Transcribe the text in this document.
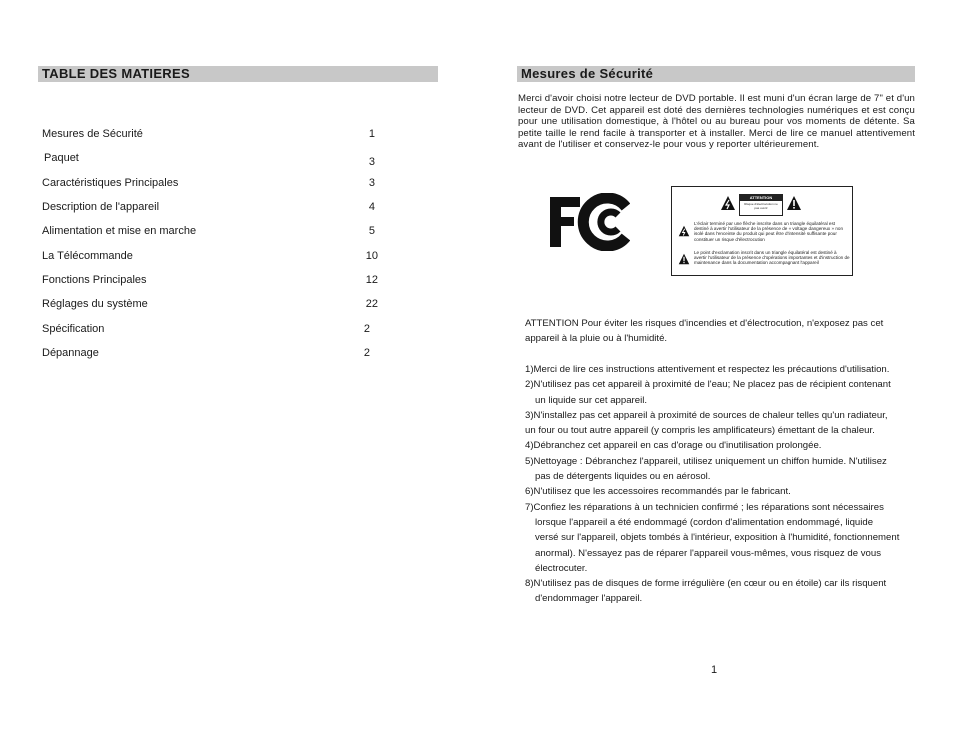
TABLE DES MATIERES
Mesures de Sécurité	1
Paquet	3
Caractéristiques Principales	3
Description de l'appareil	4
Alimentation et mise en marche	5
La Télécommande	10
Fonctions Principales	12
Réglages du système	22
Spécification	2
Dépannage	2
Mesures de Sécurité
Merci d'avoir choisi notre lecteur de DVD portable. Il est muni d'un écran large de 7" et d'un lecteur de DVD. Cet appareil est doté des dernières technologies numériques et est conçu pour une utilisation domestique, à l'hôtel ou au bureau pour vos moments de détente. Sa petite taille le rend facile à transporter et à installer. Merci de lire ce manuel attentivement avant de l'utiliser et conservez-le pour vous y reporter ultérieurement.
FC
ATTENTION
Risque d'électrocution ne pas ouvrir
L'éclair terminé par une flèche inscrite dans un triangle équilatéral est destiné à avertir l'utilisateur de la présence de « voltage dangereux » non isolé dans l'enceinte du produit qui peut être d'intensité suffisante pour constituer un risque d'électrocution
Le point d'exclamation inscrit dans un triangle équilatéral est destiné à avertir l'utilisateur de la présence d'opérations importantes et d'instruction de maintenance dans la documentation accompagnant l'appareil
ATTENTION Pour éviter les risques d'incendies et d'électrocution, n'exposez pas cet
appareil à la pluie ou à l'humidité.
1)Merci de lire ces instructions attentivement et respectez les précautions d'utilisation.
2)N'utilisez pas cet appareil à proximité de l'eau; Ne placez pas de récipient contenant
un liquide sur cet appareil.
3)N'installez pas cet appareil à proximité de sources de chaleur telles qu'un radiateur,
un four ou tout autre appareil (y compris les amplificateurs) émettant de la chaleur.
4)Débranchez cet appareil en cas d'orage ou d'inutilisation prolongée.
5)Nettoyage : Débranchez l'appareil, utilisez uniquement un chiffon humide. N'utilisez
pas de détergents liquides ou en aérosol.
6)N'utilisez que les accessoires recommandés par le fabricant.
7)Confiez les réparations à un technicien confirmé ; les réparations sont nécessaires
lorsque l'appareil a été endommagé (cordon d'alimentation endommagé, liquide
versé sur l'appareil, objets tombés à l'intérieur, exposition à l'humidité, fonctionnement
anormal). N'essayez pas de réparer l'appareil vous-mêmes, vous risquez de vous
électrocuter.
8)N'utilisez pas de disques de forme irrégulière (en cœur ou en étoile) car ils risquent
d'endommager l'appareil.
1
